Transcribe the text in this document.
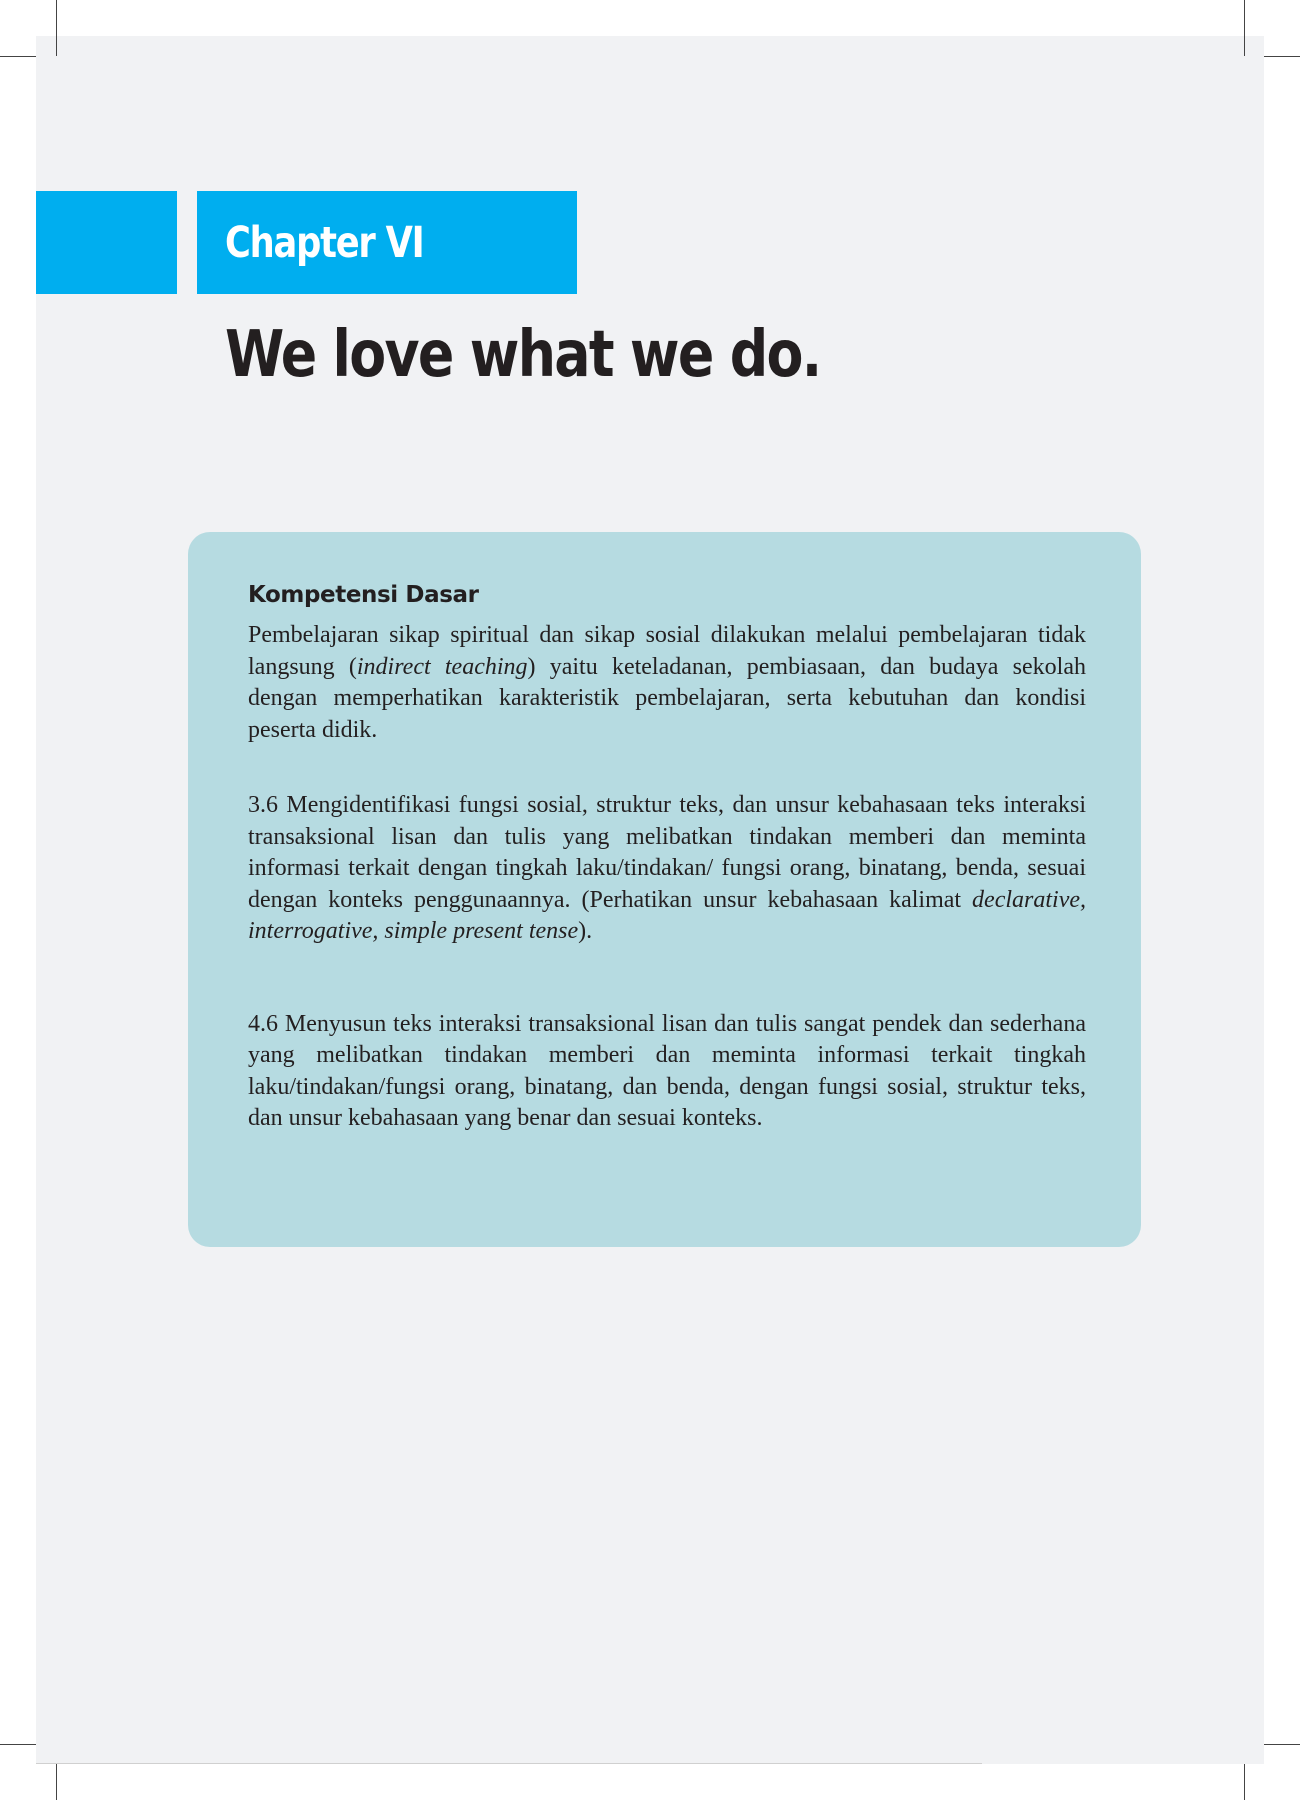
Chapter VI
We love what we do.
Kompetensi Dasar

Pembelajaran sikap spiritual dan sikap sosial dilakukan melalui pembelajaran tidak langsung (indirect teaching) yaitu keteladanan, pembiasaan, dan budaya sekolah dengan memperhatikan karakteristik pembelajaran, serta kebutuhan dan kondisi peserta didik.

3.6 Mengidentifikasi fungsi sosial, struktur teks, dan unsur kebahasaan teks interaksi transaksional lisan dan tulis yang melibatkan tindakan memberi dan meminta informasi terkait dengan tingkah laku/tindakan/ fungsi orang, binatang, benda, sesuai dengan konteks penggunaannya. (Perhatikan unsur kebahasaan kalimat declarative, interrogative, simple present tense).

4.6 Menyusun teks interaksi transaksional lisan dan tulis sangat pendek dan sederhana yang melibatkan tindakan memberi dan meminta informasi terkait tingkah laku/tindakan/fungsi orang, binatang, dan benda, dengan fungsi sosial, struktur teks, dan unsur kebahasaan yang benar dan sesuai konteks.
